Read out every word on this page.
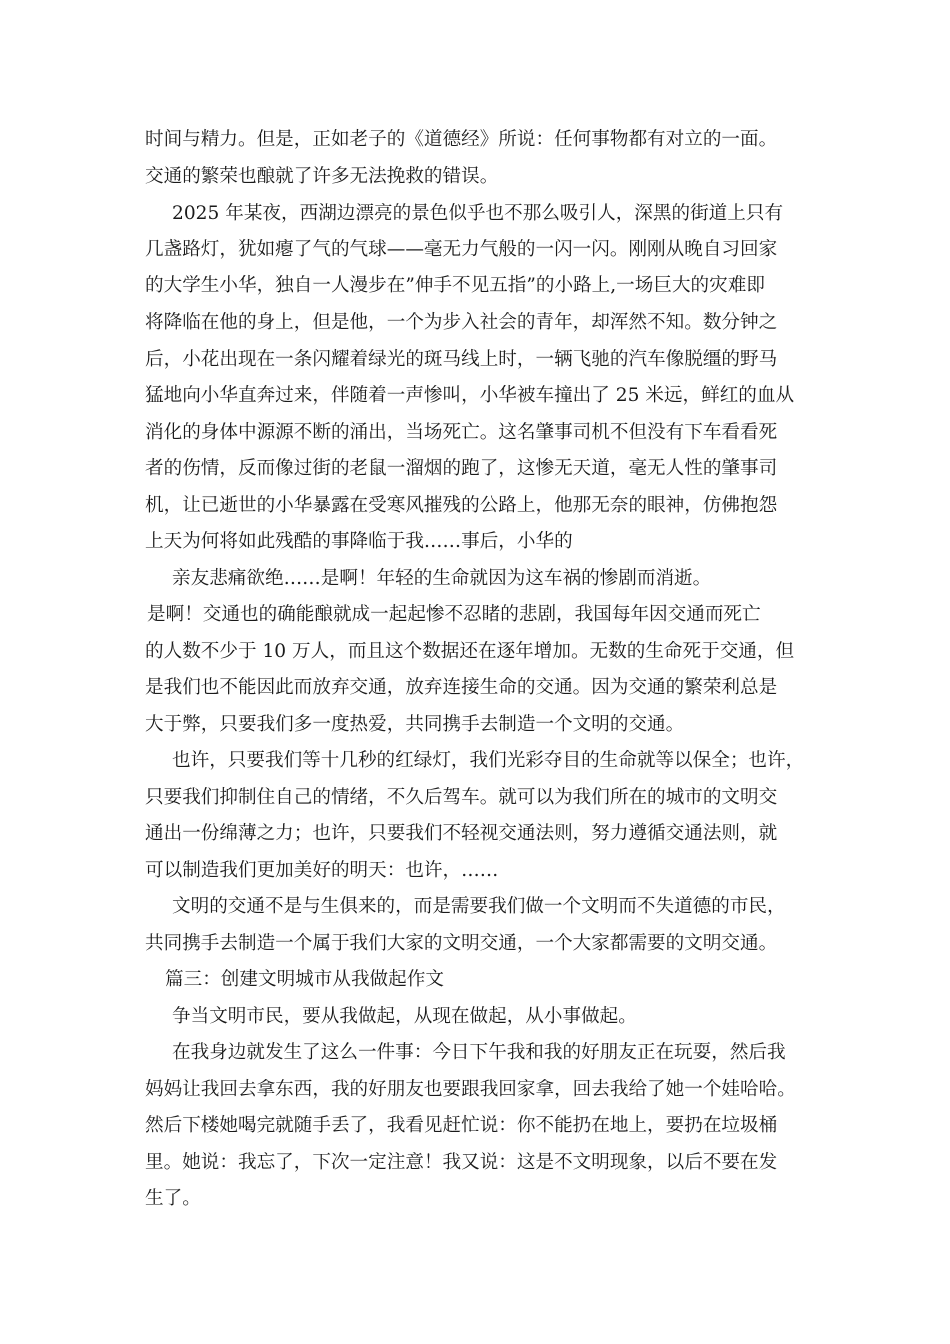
时间与精力。但是，正如老子的《道德经》所说：任何事物都有对立的一面。
交通的繁荣也酿就了许多无法挽救的错误。
2025 年某夜，西湖边漂亮的景色似乎也不那么吸引人，深黑的街道上只有
几盏路灯，犹如瘪了气的气球——毫无力气般的一闪一闪。刚刚从晚自习回家
的大学生小华，独自一人漫步在”伸手不见五指”的小路上,一场巨大的灾难即
将降临在他的身上，但是他，一个为步入社会的青年，却浑然不知。数分钟之
后，小花出现在一条闪耀着绿光的斑马线上时，一辆飞驰的汽车像脱缰的野马
猛地向小华直奔过来，伴随着一声惨叫，小华被车撞出了 25 米远，鲜红的血从
消化的身体中源源不断的涌出，当场死亡。这名肇事司机不但没有下车看看死
者的伤情，反而像过街的老鼠一溜烟的跑了，这惨无天道，毫无人性的肇事司
机，让已逝世的小华暴露在受寒风摧残的公路上，他那无奈的眼神，仿佛抱怨
上天为何将如此残酷的事降临于我……事后，小华的
亲友悲痛欲绝……是啊！年轻的生命就因为这车祸的惨剧而消逝。
是啊！交通也的确能酿就成一起起惨不忍睹的悲剧，我国每年因交通而死亡
的人数不少于 10 万人，而且这个数据还在逐年增加。无数的生命死于交通，但
是我们也不能因此而放弃交通，放弃连接生命的交通。因为交通的繁荣利总是
大于弊，只要我们多一度热爱，共同携手去制造一个文明的交通。
也许，只要我们等十几秒的红绿灯，我们光彩夺目的生命就等以保全；也许，
只要我们抑制住自己的情绪，不久后驾车。就可以为我们所在的城市的文明交
通出一份绵薄之力；也许，只要我们不轻视交通法则，努力遵循交通法则，就
可以制造我们更加美好的明天：也许，……
文明的交通不是与生俱来的，而是需要我们做一个文明而不失道德的市民，
共同携手去制造一个属于我们大家的文明交通，一个大家都需要的文明交通。
篇三：创建文明城市从我做起作文
争当文明市民，要从我做起，从现在做起，从小事做起。
在我身边就发生了这么一件事：今日下午我和我的好朋友正在玩耍，然后我
妈妈让我回去拿东西，我的好朋友也要跟我回家拿，回去我给了她一个娃哈哈。
然后下楼她喝完就随手丢了，我看见赶忙说：你不能扔在地上，要扔在垃圾桶
里。她说：我忘了，下次一定注意！我又说：这是不文明现象，以后不要在发
生了。
